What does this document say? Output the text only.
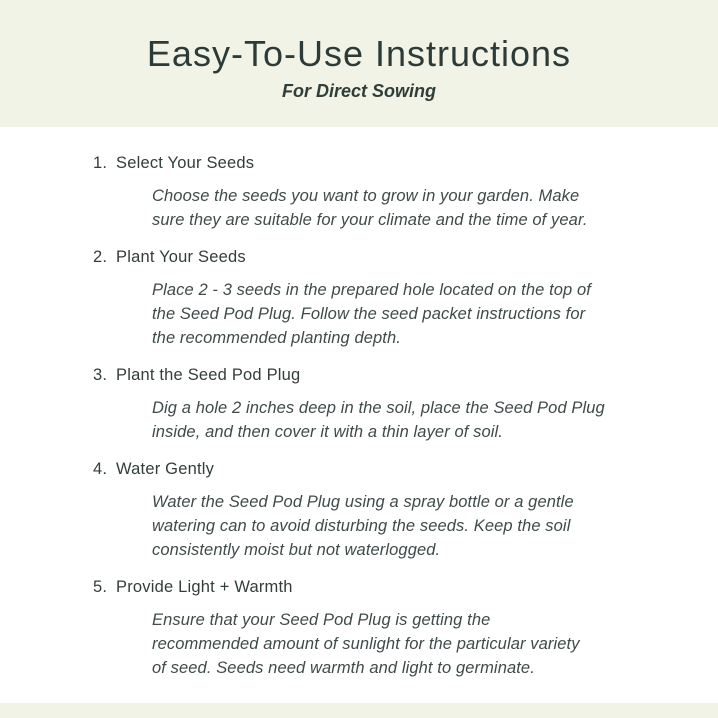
Easy-To-Use Instructions
For Direct Sowing
1. Select Your Seeds
Choose the seeds you want to grow in your garden. Make
sure they are suitable for your climate and the time of year.
2. Plant Your Seeds
Place 2 - 3 seeds in the prepared hole located on the top of
the Seed Pod Plug. Follow the seed packet instructions for
the recommended planting depth.
3. Plant the Seed Pod Plug
Dig a hole 2 inches deep in the soil, place the Seed Pod Plug
inside, and then cover it with a thin layer of soil.
4. Water Gently
Water the Seed Pod Plug using a spray bottle or a gentle
watering can to avoid disturbing the seeds. Keep the soil
consistently moist but not waterlogged.
5. Provide Light + Warmth
Ensure that your Seed Pod Plug is getting the
recommended amount of sunlight for the particular variety
of seed. Seeds need warmth and light to germinate.
